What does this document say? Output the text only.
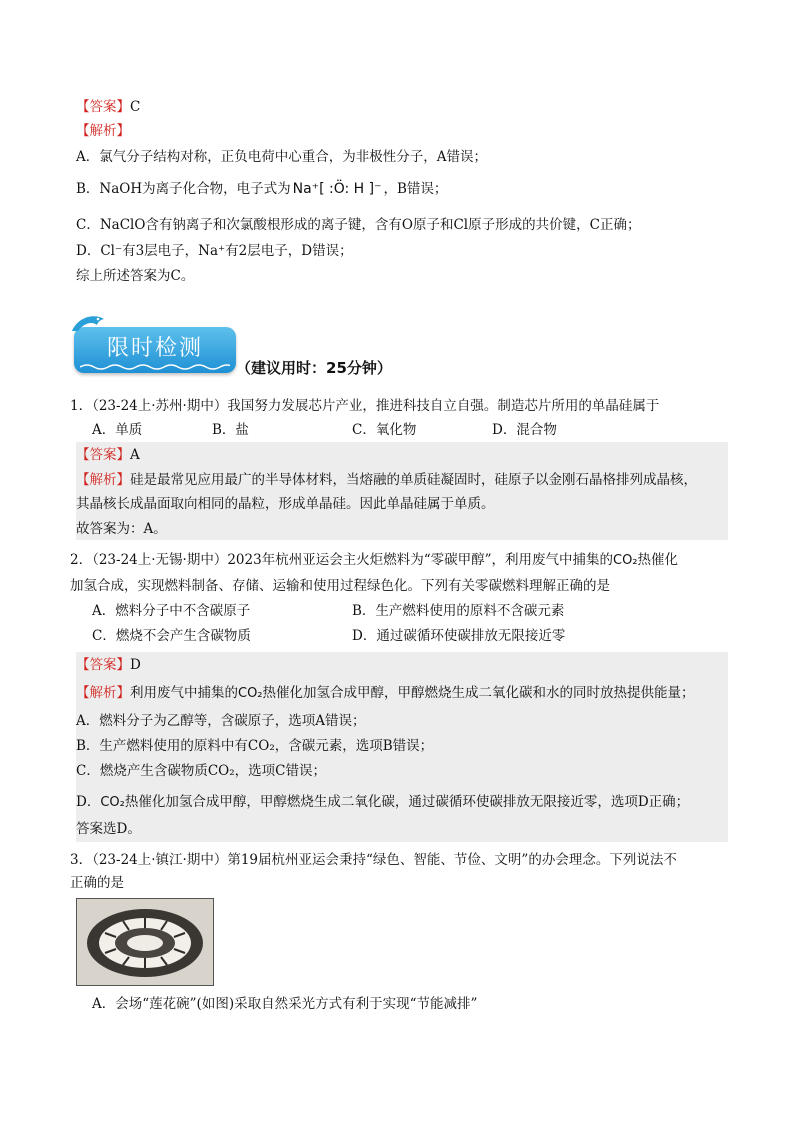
【答案】C
【解析】
A．氯气分子结构对称，正负电荷中心重合，为非极性分子，A错误；
B．NaOH为离子化合物，电子式为 Na⁺[ :Ö: H ]⁻ ，B错误；
C．NaClO含有钠离子和次氯酸根形成的离子键，含有O原子和Cl原子形成的共价键，C正确；
D．Cl⁻有3层电子，Na⁺有2层电子，D错误；
综上所述答案为C。
限时检测
（建议用时：25分钟）
1．（23-24上·苏州·期中）我国努力发展芯片产业，推进科技自立自强。制造芯片所用的单晶硅属于
A．单质	B．盐	C．氧化物	D．混合物
【答案】A
【解析】硅是最常见应用最广的半导体材料，当熔融的单质硅凝固时，硅原子以金刚石晶格排列成晶核，
其晶核长成晶面取向相同的晶粒，形成单晶硅。因此单晶硅属于单质。
故答案为：A。
2．（23-24上·无锡·期中）2023年杭州亚运会主火炬燃料为“零碳甲醇”，利用废气中捕集的CO₂热催化
加氢合成，实现燃料制备、存储、运输和使用过程绿色化。下列有关零碳燃料理解正确的是
A．燃料分子中不含碳原子	B．生产燃料使用的原料不含碳元素
C．燃烧不会产生含碳物质	D．通过碳循环使碳排放无限接近零
【答案】D
【解析】利用废气中捕集的CO₂热催化加氢合成甲醇，甲醇燃烧生成二氧化碳和水的同时放热提供能量；
A．燃料分子为乙醇等，含碳原子，选项A错误；
B．生产燃料使用的原料中有CO₂，含碳元素，选项B错误；
C．燃烧产生含碳物质CO₂，选项C错误；
D．CO₂热催化加氢合成甲醇，甲醇燃烧生成二氧化碳，通过碳循环使碳排放无限接近零，选项D正确；
答案选D。
3．（23-24上·镇江·期中）第19届杭州亚运会秉持“绿色、智能、节俭、文明”的办会理念。下列说法不
正确的是
A．会场“莲花碗”(如图)采取自然采光方式有利于实现“节能减排”
